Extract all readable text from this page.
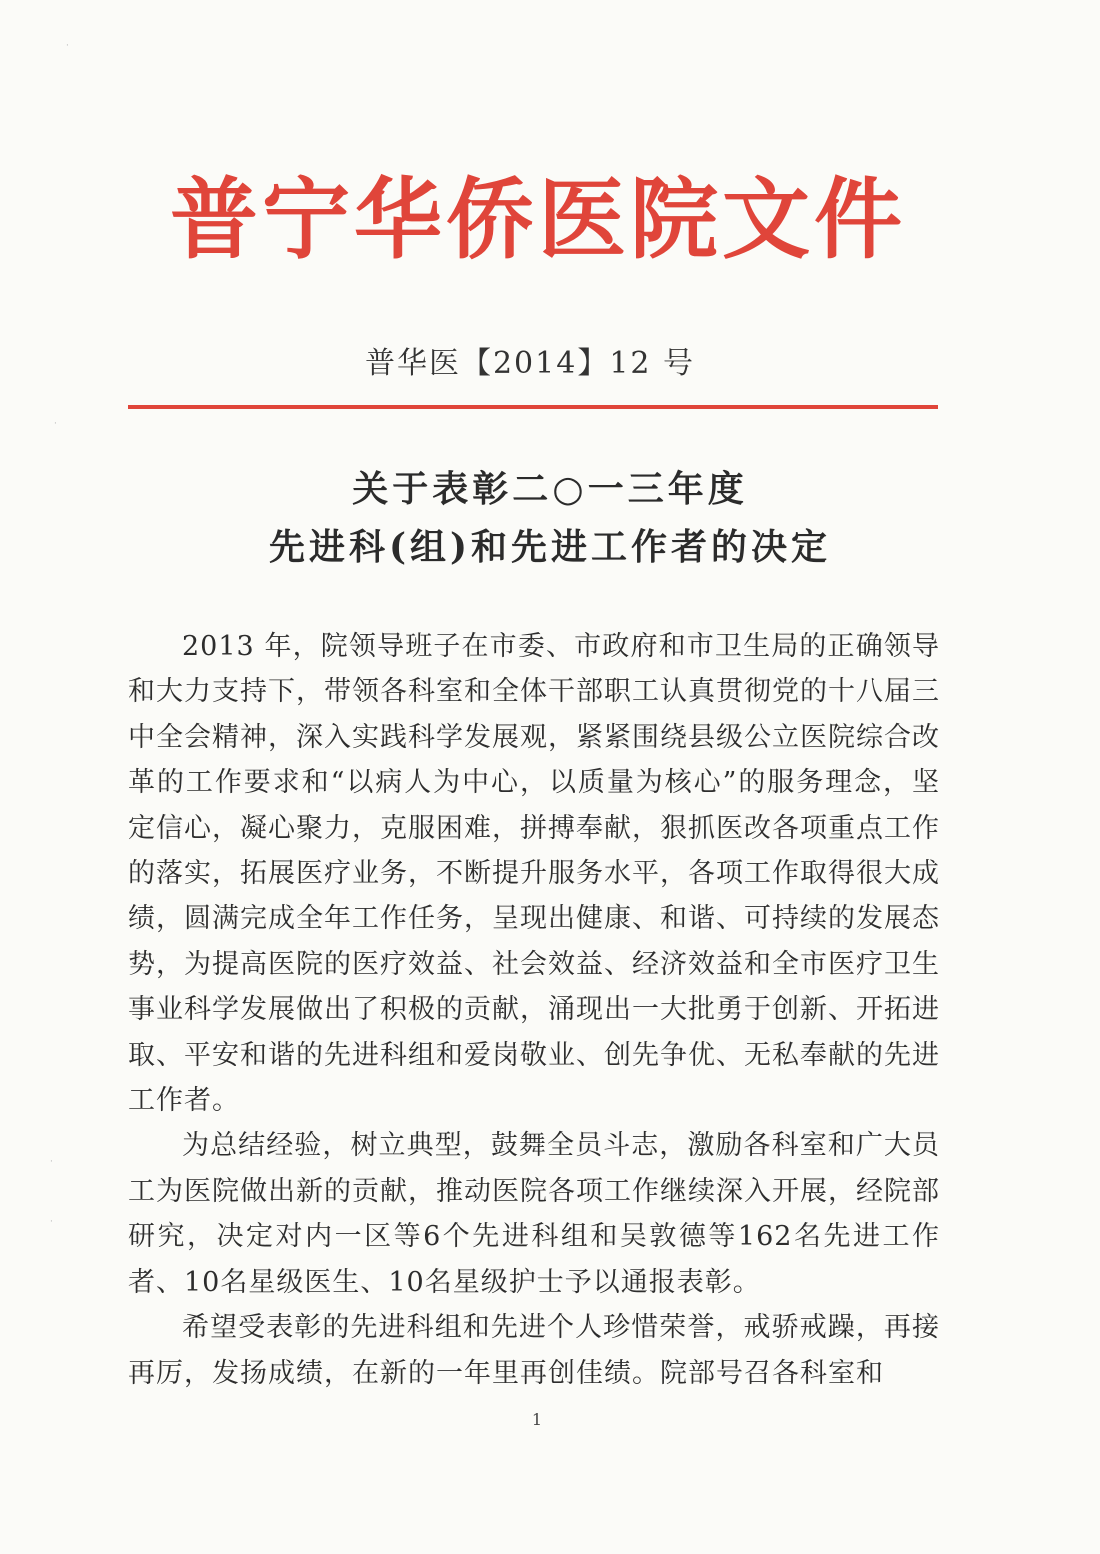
普宁华侨医院文件
普华医【2014】12 号
关于表彰二○一三年度
先进科(组)和先进工作者的决定

2013 年，院领导班子在市委、市政府和市卫生局的正确领导和大力支持下，带领各科室和全体干部职工认真贯彻党的十八届三中全会精神，深入实践科学发展观，紧紧围绕县级公立医院综合改革的工作要求和“以病人为中心，以质量为核心”的服务理念，坚定信心，凝心聚力，克服困难，拼搏奉献，狠抓医改各项重点工作的落实，拓展医疗业务，不断提升服务水平，各项工作取得很大成绩，圆满完成全年工作任务，呈现出健康、和谐、可持续的发展态势，为提高医院的医疗效益、社会效益、经济效益和全市医疗卫生事业科学发展做出了积极的贡献，涌现出一大批勇于创新、开拓进取、平安和谐的先进科组和爱岗敬业、创先争优、无私奉献的先进工作者。

为总结经验，树立典型，鼓舞全员斗志，激励各科室和广大员工为医院做出新的贡献，推动医院各项工作继续深入开展，经院部研究，决定对内一区等6个先进科组和吴敦德等162名先进工作者、10名星级医生、10名星级护士予以通报表彰。

希望受表彰的先进科组和先进个人珍惜荣誉，戒骄戒躁，再接再厉，发扬成绩，在新的一年里再创佳绩。院部号召各科室和

1
·
·
·
·
